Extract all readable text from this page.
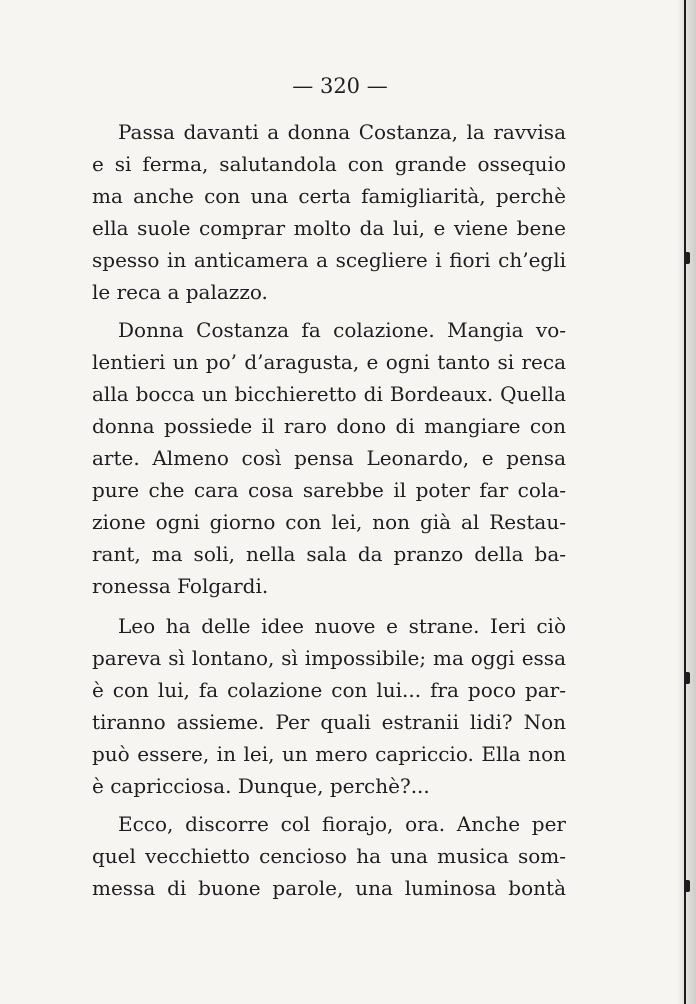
— 320 —
Passa davanti a donna Costanza, la ravvisa
e si ferma, salutandola con grande ossequio
ma anche con una certa famigliarità, perchè
ella suole comprar molto da lui, e viene bene
spesso in anticamera a scegliere i fiori ch’egli
le reca a palazzo.
Donna Costanza fa colazione. Mangia vo-
lentieri un po’ d’aragusta, e ogni tanto si reca
alla bocca un bicchieretto di Bordeaux. Quella
donna possiede il raro dono di mangiare con
arte. Almeno così pensa Leonardo, e pensa
pure che cara cosa sarebbe il poter far cola-
zione ogni giorno con lei, non già al Restau-
rant, ma soli, nella sala da pranzo della ba-
ronessa Folgardi.
Leo ha delle idee nuove e strane. Ieri ciò
pareva sì lontano, sì impossibile; ma oggi essa
è con lui, fa colazione con lui... fra poco par-
tiranno assieme. Per quali estranii lidi? Non
può essere, in lei, un mero capriccio. Ella non
è capricciosa. Dunque, perchè?...
Ecco, discorre col fiorajo, ora. Anche per
quel vecchietto cencioso ha una musica som-
messa di buone parole, una luminosa bontà
